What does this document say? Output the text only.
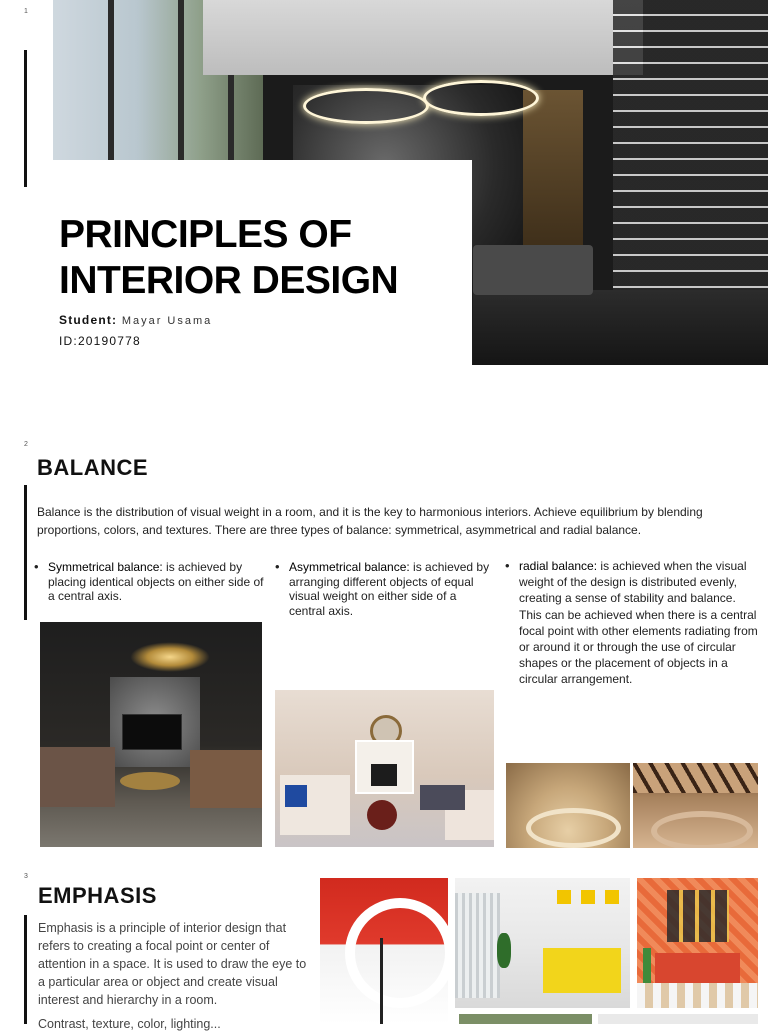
1
PRINCIPLES OF
INTERIOR DESIGN
Student: Mayar Usama
ID:20190778
2
BALANCE
Balance is the distribution of visual weight in a room, and it is the key to harmonious interiors. Achieve equilibrium by blending proportions, colors, and textures. There are three types of balance: symmetrical, asymmetrical and radial balance.
• Symmetrical balance: is achieved by placing identical objects on either side of a central axis.
• Asymmetrical balance: is achieved by arranging different objects of equal visual weight on either side of a central axis.
• radial balance: is achieved when the visual weight of the design is distributed evenly, creating a sense of stability and balance. This can be achieved when there is a central focal point with other elements radiating from or around it or through the use of circular shapes or the placement of objects in a circular arrangement.
3
EMPHASIS
Emphasis is a principle of interior design that refers to creating a focal point or center of attention in a space. It is used to draw the eye to a particular area or object and create visual interest and hierarchy in a room.
Contrast, texture, color, lighting...
